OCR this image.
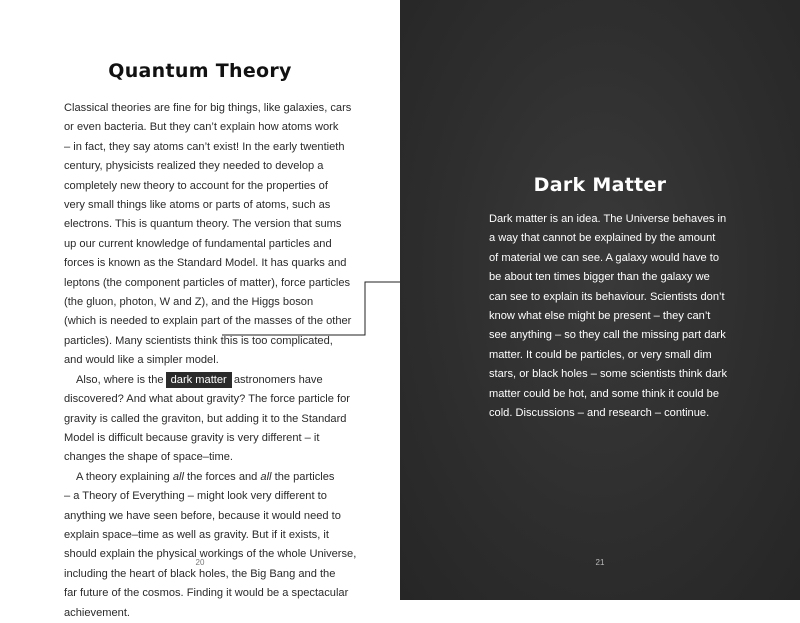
Quantum Theory
Classical theories are fine for big things, like galaxies, cars
or even bacteria. But they can’t explain how atoms work
– in fact, they say atoms can’t exist! In the early twentieth
century, physicists realized they needed to develop a
completely new theory to account for the properties of
very small things like atoms or parts of atoms, such as
electrons. This is quantum theory. The version that sums
up our current knowledge of fundamental particles and
forces is known as the Standard Model. It has quarks and
leptons (the component particles of matter), force particles
(the gluon, photon, W and Z), and the Higgs boson
(which is needed to explain part of the masses of the other
particles). Many scientists think this is too complicated,
and would like a simpler model.
Also, where is the dark matter astronomers have
discovered? And what about gravity? The force particle for
gravity is called the graviton, but adding it to the Standard
Model is difficult because gravity is very different – it
changes the shape of space–time.
A theory explaining all the forces and all the particles
– a Theory of Everything – might look very different to
anything we have seen before, because it would need to
explain space–time as well as gravity. But if it exists, it
should explain the physical workings of the whole Universe,
including the heart of black holes, the Big Bang and the
far future of the cosmos. Finding it would be a spectacular
achievement.
20
Dark Matter
21
Dark matter is an idea. The Universe behaves in
a way that cannot be explained by the amount
of material we can see. A galaxy would have to
be about ten times bigger than the galaxy we
can see to explain its behaviour. Scientists don’t
know what else might be present – they can’t
see anything – so they call the missing part dark
matter. It could be particles, or very small dim
stars, or black holes – some scientists think dark
matter could be hot, and some think it could be
cold. Discussions – and research – continue.
